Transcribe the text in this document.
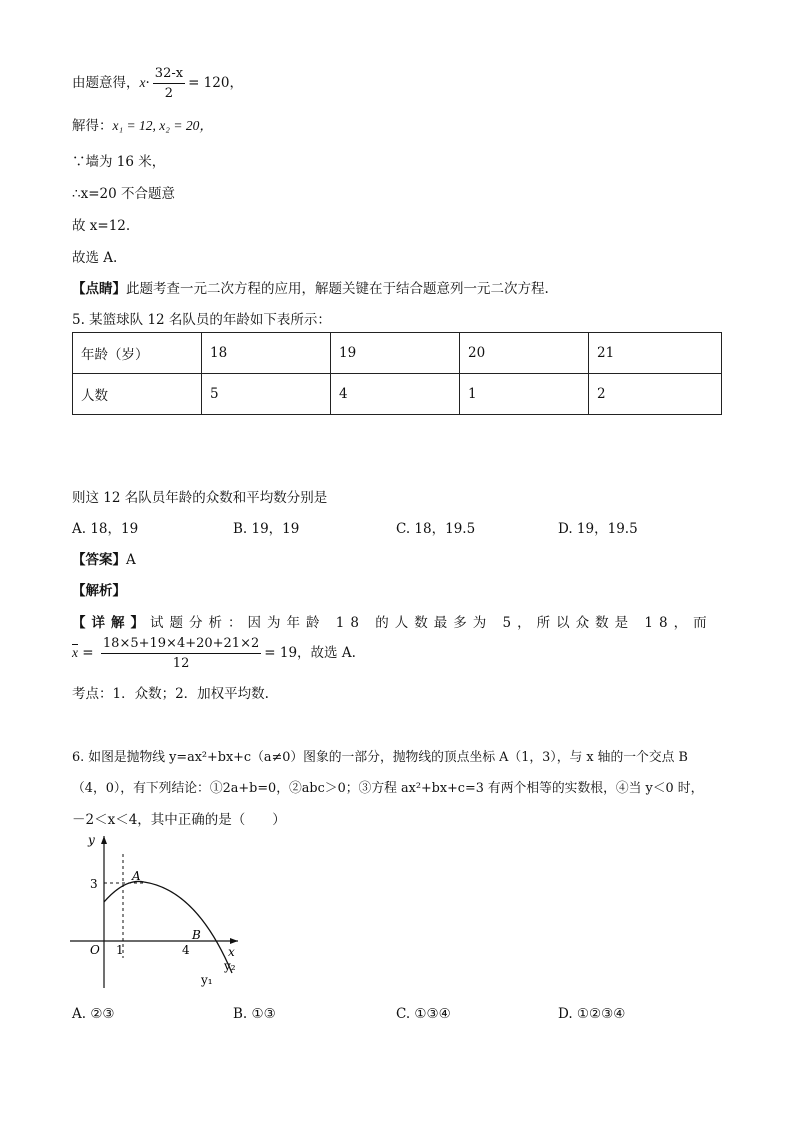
由题意得，$x\cdot \frac{32-x}{2} = 120$，
解得：x₁ = 12, x₂ = 20，
∵墙为 16 米，
∴x=20 不合题意
故 x=12.
故选 A.
【点睛】此题考查一元二次方程的应用，解题关键在于结合题意列一元二次方程.
5. 某篮球队 12 名队员的年龄如下表所示：
年龄（岁）	18	19	20	21
人数	5	4	1	2
则这 12 名队员年龄的众数和平均数分别是
A. 18，19	B. 19，19	C. 18，19.5	D. 19，19.5
【答案】A
【解析】
【详解】试题分析：因为年龄 18 的人数最多为 5，所以众数是 18，而
$\overline{x} = \frac{18\times 5+19\times 4+20+21\times 2}{12} = 19$，故选 A.
考点：1．众数；2．加权平均数.
6. 如图是抛物线 y=ax²+bx+c（a≠0）图象的一部分，抛物线的顶点坐标 A（1，3），与 x 轴的一个交点 B
（4，0），有下列结论：①2a+b=0，②abc＞0；③方程 ax²+bx+c=3 有两个相等的实数根，④当 y＜0 时，
－2＜x＜4，其中正确的是（　　）
y
x
O 1	4
3
A
B
y₂
y₁
A. ②③	B. ①③	C. ①③④	D. ①②③④
